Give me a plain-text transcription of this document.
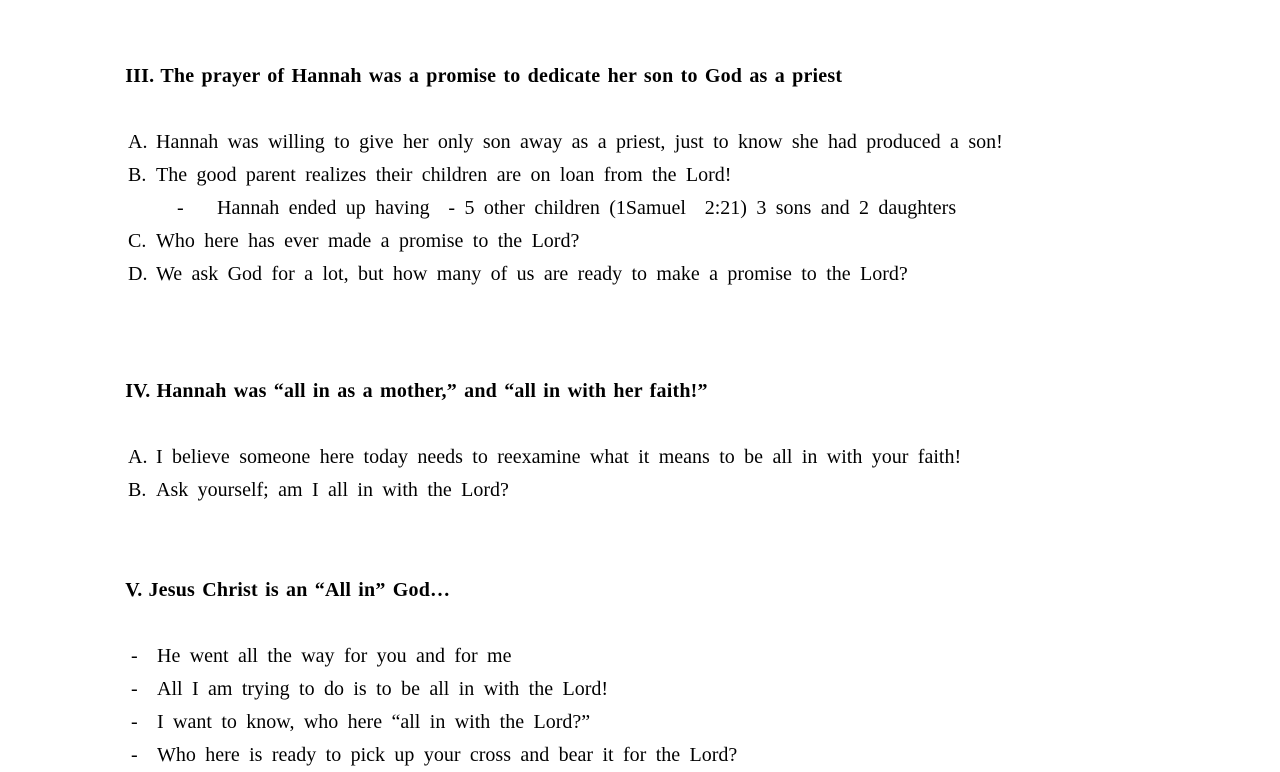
III. The prayer of Hannah was a promise to dedicate her son to God as a priest

A. Hannah was willing to give her only son away as a priest, just to know she had produced a son!
B. The good parent realizes their children are on loan from the Lord!
-	Hannah ended up having  - 5 other children (1Samuel  2:21) 3 sons and 2 daughters
C. Who here has ever made a promise to the Lord?
D. We ask God for a lot, but how many of us are ready to make a promise to the Lord?

IV. Hannah was “all in as a mother,” and “all in with her faith!”

A. I believe someone here today needs to reexamine what it means to be all in with your faith!
B. Ask yourself; am I all in with the Lord?

V. Jesus Christ is an “All in” God…

- He went all the way for you and for me
- All I am trying to do is to be all in with the Lord!
- I want to know, who here “all in with the Lord?”
- Who here is ready to pick up your cross and bear it for the Lord?
